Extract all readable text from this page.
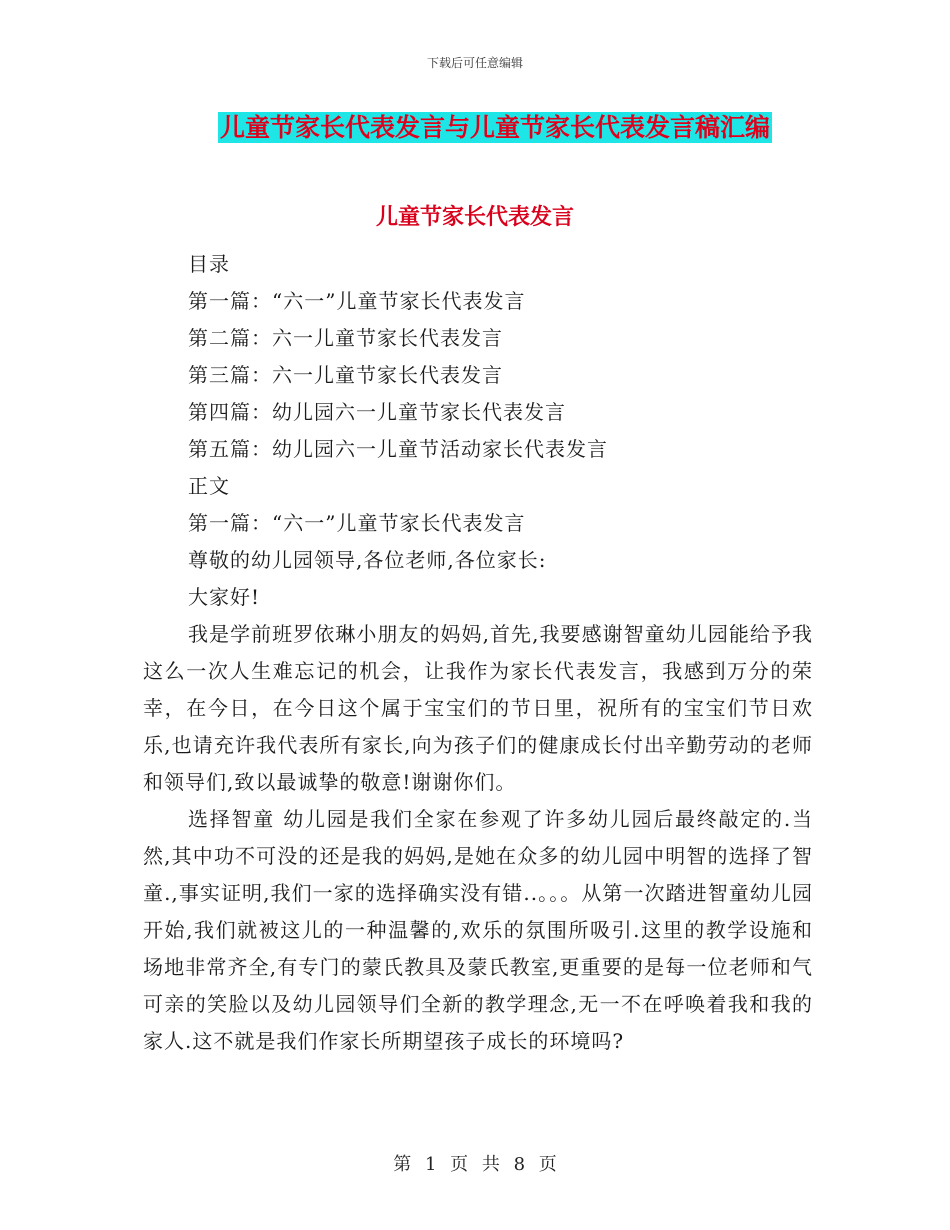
下载后可任意编辑
儿童节家长代表发言与儿童节家长代表发言稿汇编
儿童节家长代表发言
目录
第一篇：“六一”儿童节家长代表发言
第二篇：六一儿童节家长代表发言
第三篇：六一儿童节家长代表发言
第四篇：幼儿园六一儿童节家长代表发言
第五篇：幼儿园六一儿童节活动家长代表发言
正文
第一篇：“六一”儿童节家长代表发言
尊敬的幼儿园领导,各位老师,各位家长:
大家好!

我是学前班罗依琳小朋友的妈妈,首先,我要感谢智童幼儿园能给予我这么一次人生难忘记的机会，让我作为家长代表发言，我感到万分的荣幸，在今日，在今日这个属于宝宝们的节日里，祝所有的宝宝们节日欢乐,也请充许我代表所有家长,向为孩子们的健康成长付出辛勤劳动的老师和领导们,致以最诚挚的敬意!谢谢你们。

选择智童 幼儿园是我们全家在参观了许多幼儿园后最终敲定的.当然,其中功不可没的还是我的妈妈,是她在众多的幼儿园中明智的选择了智童.,事实证明,我们一家的选择确实没有错..。。。从第一次踏进智童幼儿园开始,我们就被这儿的一种温馨的,欢乐的氛围所吸引.这里的教学设施和场地非常齐全,有专门的蒙氏教具及蒙氏教室,更重要的是每一位老师和气可亲的笑脸以及幼儿园领导们全新的教学理念,无一不在呼唤着我和我的家人.这不就是我们作家长所期望孩子成长的环境吗?

第 1 页 共 8 页
